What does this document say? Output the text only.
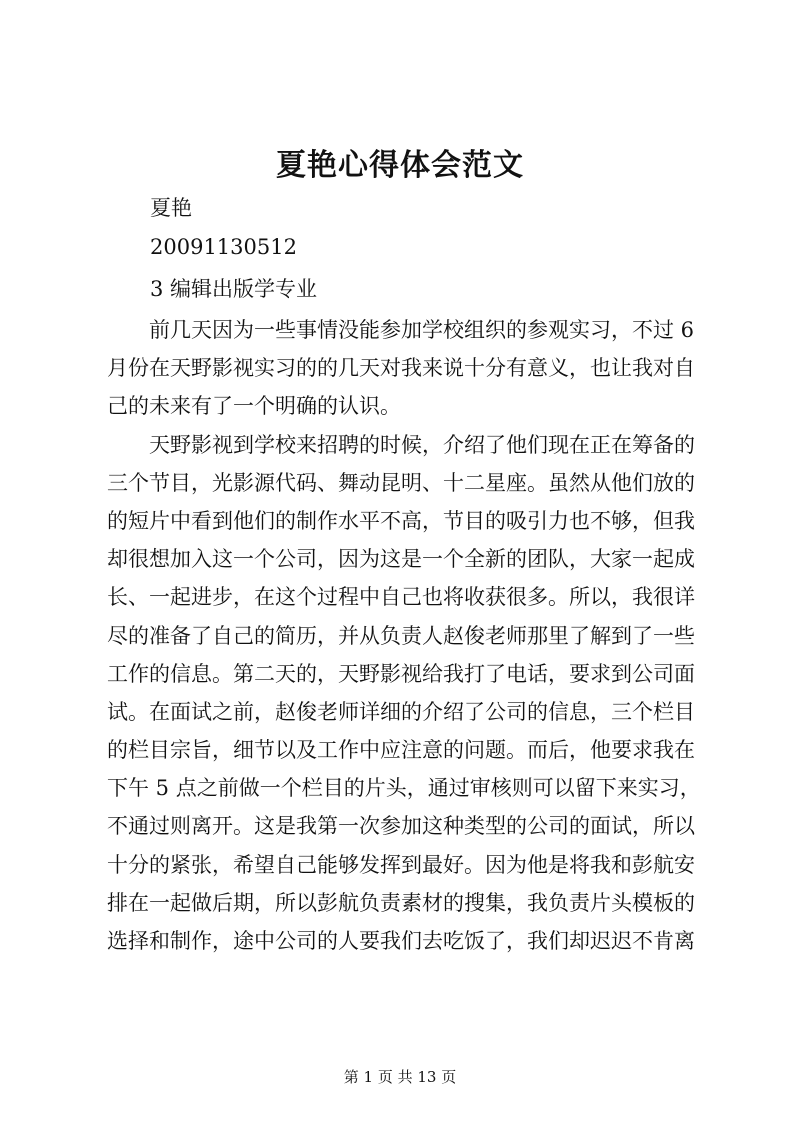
夏艳心得体会范文
夏艳
20091130512
3 编辑出版学专业
前几天因为一些事情没能参加学校组织的参观实习，不过 6
月份在天野影视实习的的几天对我来说十分有意义，也让我对自
己的未来有了一个明确的认识。
天野影视到学校来招聘的时候，介绍了他们现在正在筹备的
三个节目，光影源代码、舞动昆明、十二星座。虽然从他们放的
的短片中看到他们的制作水平不高，节目的吸引力也不够，但我
却很想加入这一个公司，因为这是一个全新的团队，大家一起成
长、一起进步，在这个过程中自己也将收获很多。所以，我很详
尽的准备了自己的简历，并从负责人赵俊老师那里了解到了一些
工作的信息。第二天的，天野影视给我打了电话，要求到公司面
试。在面试之前，赵俊老师详细的介绍了公司的信息，三个栏目
的栏目宗旨，细节以及工作中应注意的问题。而后，他要求我在
下午 5 点之前做一个栏目的片头，通过审核则可以留下来实习，
不通过则离开。这是我第一次参加这种类型的公司的面试，所以
十分的紧张，希望自己能够发挥到最好。因为他是将我和彭航安
排在一起做后期，所以彭航负责素材的搜集，我负责片头模板的
选择和制作，途中公司的人要我们去吃饭了，我们却迟迟不肯离
第 1 页 共 13 页
